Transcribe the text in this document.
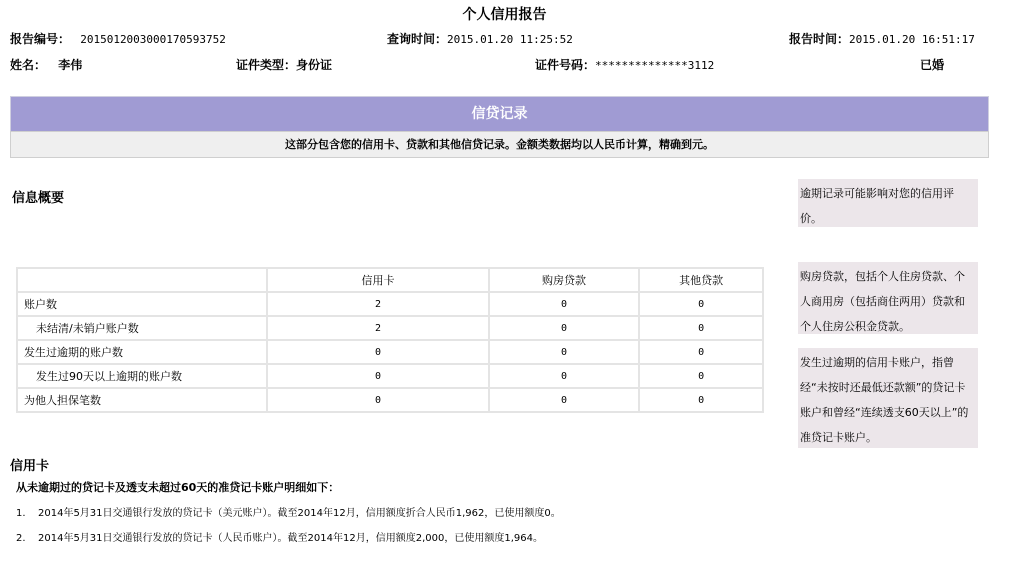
个人信用报告
报告编号： 2015012003000170593752	查询时间：2015.01.20 11:25:52	报告时间：2015.01.20 16:51:17
姓名： 李伟	证件类型：身份证	证件号码：**************3112	已婚
信贷记录
这部分包含您的信用卡、贷款和其他信贷记录。金额类数据均以人民币计算，精确到元。
信息概要	逾期记录可能影响对您的信用评价。
购房贷款，包括个人住房贷款、个人商用房（包括商住两用）贷款和个人住房公积金贷款。
发生过逾期的信用卡账户，指曾经“未按时还最低还款额”的贷记卡账户和曾经“连续透支60天以上”的准贷记卡账户。
	信用卡	购房贷款	其他贷款
账户数	2	0	0
未结清/未销户账户数	2	0	0
发生过逾期的账户数	0	0	0
发生过90天以上逾期的账户数	0	0	0
为他人担保笔数	0	0	0
信用卡
从未逾期过的贷记卡及透支未超过60天的准贷记卡账户明细如下：
1. 2014年5月31日交通银行发放的贷记卡（美元账户）。截至2014年12月，信用额度折合人民币1,962，已使用额度0。
2. 2014年5月31日交通银行发放的贷记卡（人民币账户）。截至2014年12月，信用额度2,000，已使用额度1,964。
